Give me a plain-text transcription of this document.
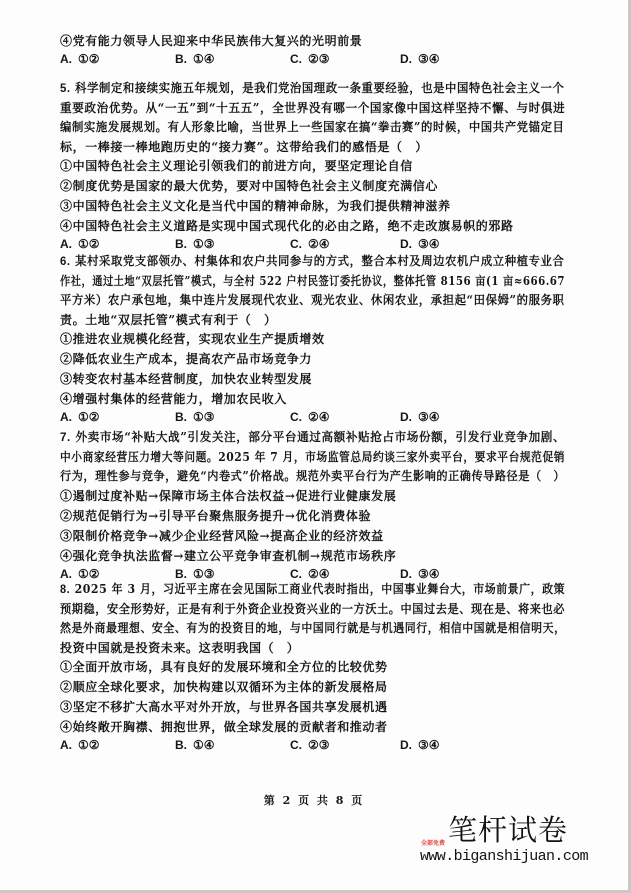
④党有能力领导人民迎来中华民族伟大复兴的光明前景
A. ①②	B. ①④	C. ②③	D. ③④
5. 科学制定和接续实施五年规划，是我们党治国理政一条重要经验，也是中国特色社会主义一个
重要政治优势。从“一五”到“十五五”，全世界没有哪一个国家像中国这样坚持不懈、与时俱进
编制实施发展规划。有人形象比喻，当世界上一些国家在搞“拳击赛”的时候，中国共产党锚定目
标，一棒接一棒地跑历史的“接力赛”。这带给我们的感悟是（　）
①中国特色社会主义理论引领我们的前进方向，要坚定理论自信
②制度优势是国家的最大优势，要对中国特色社会主义制度充满信心
③中国特色社会主义文化是当代中国的精神命脉，为我们提供精神滋养
④中国特色社会主义道路是实现中国式现代化的必由之路，绝不走改旗易帜的邪路
A. ①②	B. ①③	C. ②④	D. ③④
6. 某村采取党支部领办、村集体和农户共同参与的方式，整合本村及周边农机户成立种植专业合
作社，通过土地“双层托管”模式，与全村 522 户村民签订委托协议，整体托管 8156 亩(1 亩≈666.67
平方米）农户承包地，集中连片发展现代农业、观光农业、休闲农业，承担起“田保姆”的服务职
责。土地“双层托管”模式有利于（　）
①推进农业规模化经营，实现农业生产提质增效
②降低农业生产成本，提高农产品市场竞争力
③转变农村基本经营制度，加快农业转型发展
④增强村集体的经营能力，增加农民收入
A. ①②	B. ①③	C. ②④	D. ③④
7. 外卖市场“补贴大战”引发关注，部分平台通过高额补贴抢占市场份额，引发行业竞争加剧、
中小商家经营压力增大等问题。2025 年 7 月，市场监管总局约谈三家外卖平台，要求平台规范促销
行为，理性参与竞争，避免“内卷式”价格战。规范外卖平台行为产生影响的正确传导路径是（　）
①遏制过度补贴→保障市场主体合法权益→促进行业健康发展
②规范促销行为→引导平台聚焦服务提升→优化消费体验
③限制价格竞争→减少企业经营风险→提高企业的经济效益
④强化竞争执法监督→建立公平竞争审查机制→规范市场秩序
A. ①②	B. ①③	C. ②④	D. ③④
8. 2025 年 3 月，习近平主席在会见国际工商业代表时指出，中国事业舞台大，市场前景广，政策
预期稳，安全形势好，正是有利于外资企业投资兴业的一方沃土。中国过去是、现在是、将来也必
然是外商最理想、安全、有为的投资目的地，与中国同行就是与机遇同行，相信中国就是相信明天，
投资中国就是投资未来。这表明我国（　）
①全面开放市场，具有良好的发展环境和全方位的比较优势
②顺应全球化要求，加快构建以双循环为主体的新发展格局
③坚定不移扩大高水平对外开放，与世界各国共享发展机遇
④始终敞开胸襟、拥抱世界，做全球发展的贡献者和推动者
A. ①②	B. ①④	C. ②③	D. ③④
第 2 页 共 8 页
笔杆试卷
全部免费
www.biganshijuan.com
